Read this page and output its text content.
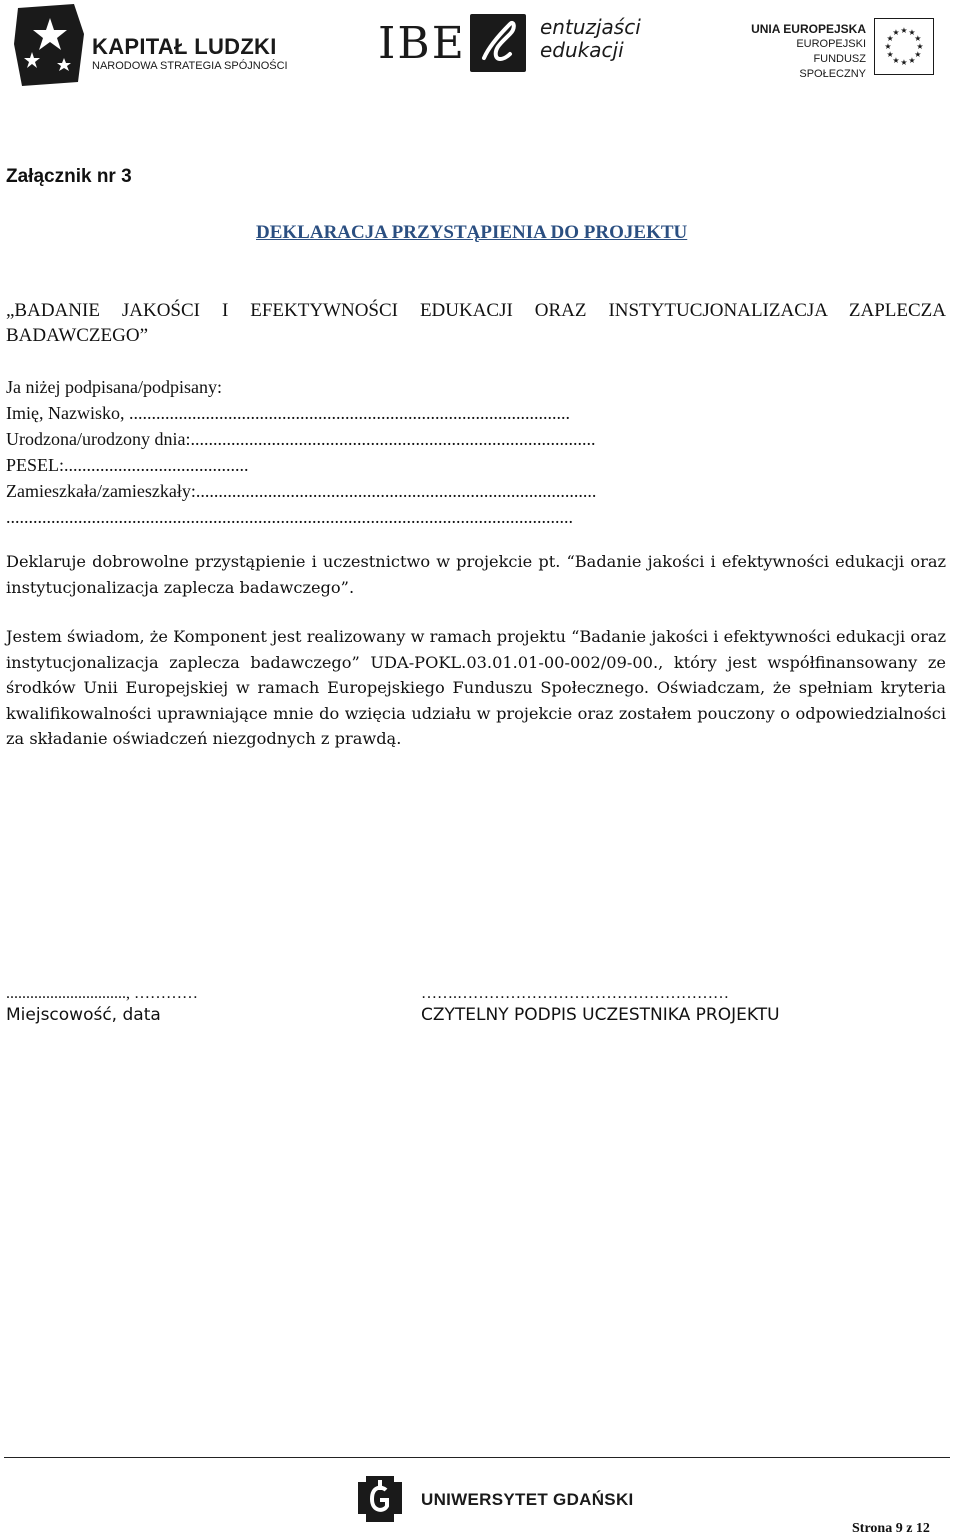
KAPITAŁ LUDZKI
NARODOWA STRATEGIA SPÓJNOŚCI IBE	entuzjaści
edukacji
UNIA EUROPEJSKA
EUROPEJSKI
FUNDUSZ SPOŁECZNY
★ ★
★
★
★
★
★
★
★
★
★
★
Załącznik nr 3
DEKLARACJA PRZYSTĄPIENIA DO PROJEKTU
„BADANIE JAKOŚCI I EFEKTYWNOŚCI EDUKACJI ORAZ INSTYTUCJONALIZACJA ZAPLECZA BADAWCZEGO”
Ja niżej podpisana/podpisany:
Imię, Nazwisko, ..................................................................................................
Urodzona/urodzony dnia:..........................................................................................
PESEL:.........................................
Zamieszkała/zamieszkały:.........................................................................................
..............................................................................................................................
Deklaruje dobrowolne przystąpienie i uczestnictwo w projekcie pt. “Badanie jakości i efektywności edukacji oraz instytucjonalizacja zaplecza badawczego”.
Jestem świadom, że Komponent jest realizowany w ramach projektu “Badanie jakości i efektywności edukacji oraz instytucjonalizacja zaplecza badawczego” UDA-POKL.03.01.01-00-002/09-00., który jest współfinansowany ze środków Unii Europejskiej w ramach Europejskiego Funduszu Społecznego. Oświadczam, że spełniam kryteria kwalifikowalności uprawniające mnie do wzięcia udziału w projekcie oraz zostałem pouczony o odpowiedzialności za składanie oświadczeń niezgodnych z prawdą.
.............................., …………
Miejscowość, data
…….……………………………………………
CZYTELNY PODPIS UCZESTNIKA PROJEKTU
UNIWERSYTET GDAŃSKI
Strona 9 z 12
